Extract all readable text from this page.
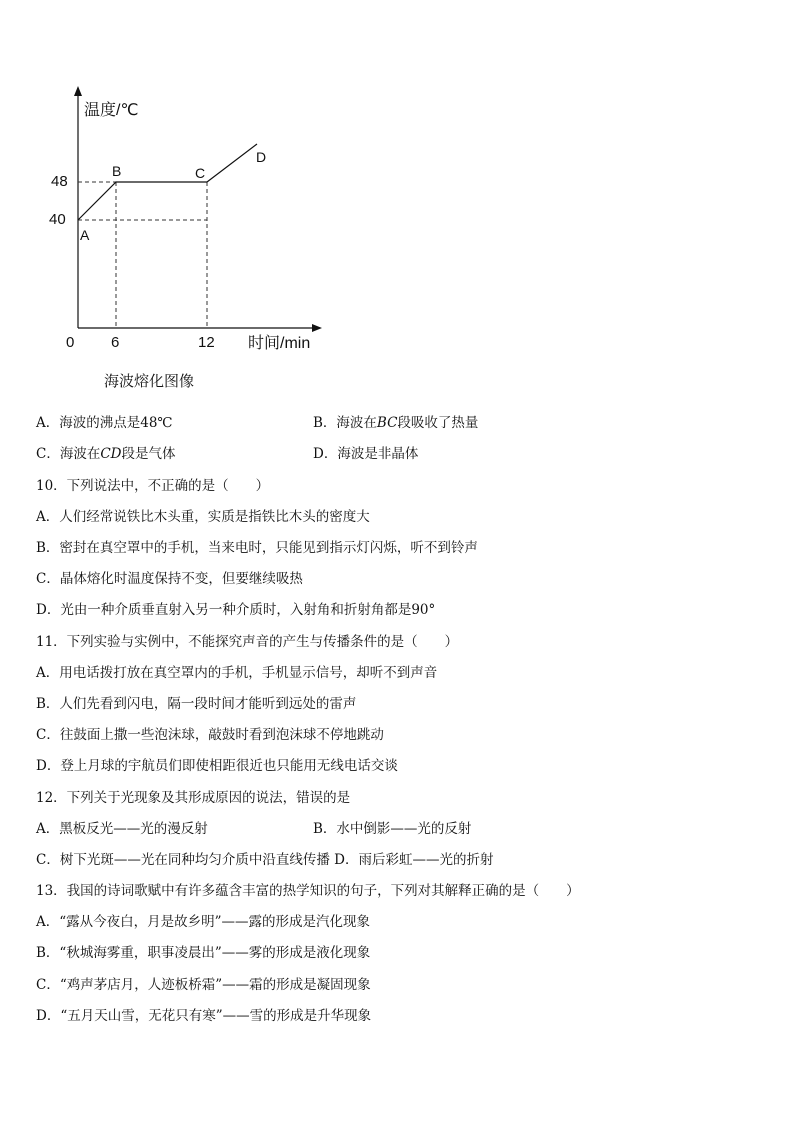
温度/℃
时间/min
0
48
40
6	12
A
B	C
D
海波熔化图像
A．海波的沸点是48℃	B．海波在BC段吸收了热量
C．海波在CD段是气体	D．海波是非晶体
10．下列说法中，不正确的是（　　）
A．人们经常说铁比木头重，实质是指铁比木头的密度大
B．密封在真空罩中的手机，当来电时，只能见到指示灯闪烁，听不到铃声
C．晶体熔化时温度保持不变，但要继续吸热
D．光由一种介质垂直射入另一种介质时，入射角和折射角都是90°
11．下列实验与实例中，不能探究声音的产生与传播条件的是（　　）
A．用电话拨打放在真空罩内的手机，手机显示信号，却听不到声音
B．人们先看到闪电，隔一段时间才能听到远处的雷声
C．往鼓面上撒一些泡沫球，敲鼓时看到泡沫球不停地跳动
D．登上月球的宇航员们即使相距很近也只能用无线电话交谈
12．下列关于光现象及其形成原因的说法，错误的是
A．黑板反光——光的漫反射	B．水中倒影——光的反射
C．树下光斑——光在同种均匀介质中沿直线传播 D．雨后彩虹——光的折射
13．我国的诗词歌赋中有许多蕴含丰富的热学知识的句子，下列对其解释正确的是（　　）
A．“露从今夜白，月是故乡明”——露的形成是汽化现象
B．“秋城海雾重，职事凌晨出”——雾的形成是液化现象
C．“鸡声茅店月，人迹板桥霜”——霜的形成是凝固现象
D．“五月天山雪，无花只有寒”——雪的形成是升华现象
